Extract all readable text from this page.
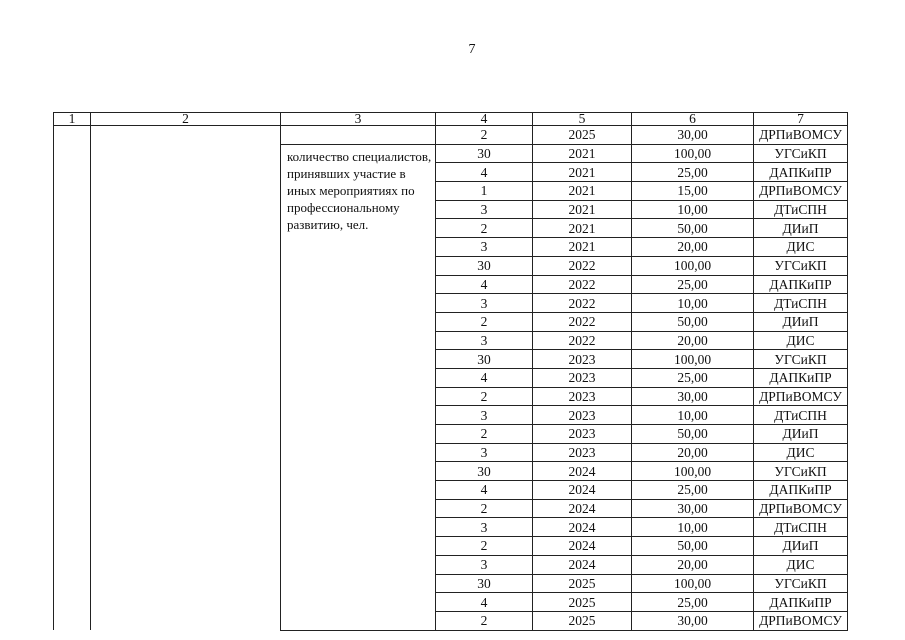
7
1	2	3	4	5	6	7
			2	2025	30,00	ДРПиВОМСУ
		количество специалистов, принявших участие в иных мероприятиях по профессиональному развитию, чел.	30	2021	100,00	УГСиКП
			4	2021	25,00	ДАПКиПР
			1	2021	15,00	ДРПиВОМСУ
			3	2021	10,00	ДТиСПН
			2	2021	50,00	ДИиП
			3	2021	20,00	ДИС
			30	2022	100,00	УГСиКП
			4	2022	25,00	ДАПКиПР
			3	2022	10,00	ДТиСПН
			2	2022	50,00	ДИиП
			3	2022	20,00	ДИС
			30	2023	100,00	УГСиКП
			4	2023	25,00	ДАПКиПР
			2	2023	30,00	ДРПиВОМСУ
			3	2023	10,00	ДТиСПН
			2	2023	50,00	ДИиП
			3	2023	20,00	ДИС
			30	2024	100,00	УГСиКП
			4	2024	25,00	ДАПКиПР
			2	2024	30,00	ДРПиВОМСУ
			3	2024	10,00	ДТиСПН
			2	2024	50,00	ДИиП
			3	2024	20,00	ДИС
			30	2025	100,00	УГСиКП
			4	2025	25,00	ДАПКиПР
			2	2025	30,00	ДРПиВОМСУ
